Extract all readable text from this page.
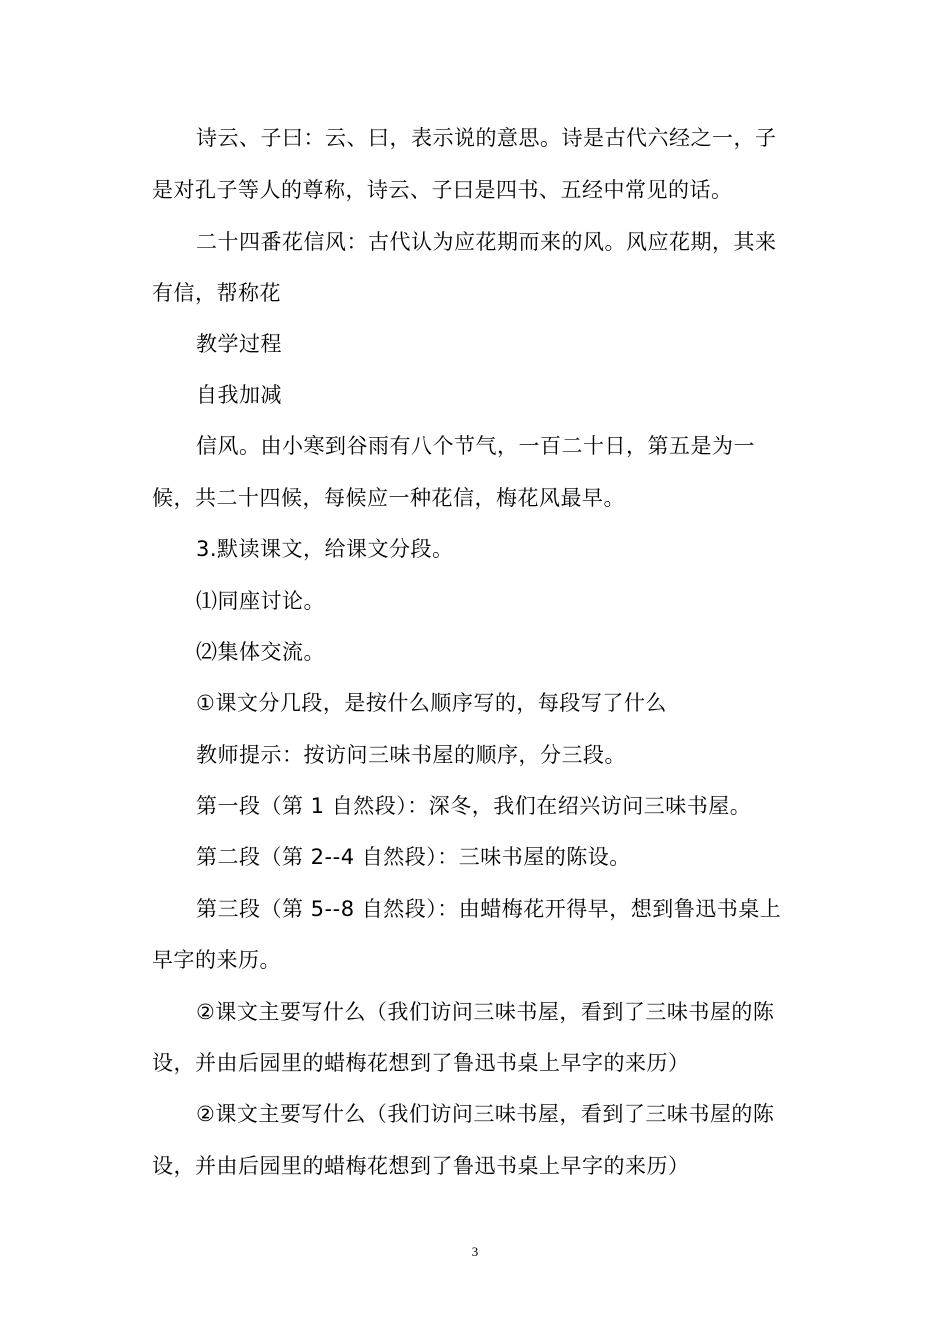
诗云、子曰：云、曰，表示说的意思。诗是古代六经之一，子
是对孔子等人的尊称，诗云、子曰是四书、五经中常见的话。
二十四番花信风：古代认为应花期而来的风。风应花期，其来
有信，帮称花
教学过程
自我加减
信风。由小寒到谷雨有八个节气，一百二十日，第五是为一
候，共二十四候，每候应一种花信，梅花风最早。
3.默读课文，给课文分段。
⑴同座讨论。
⑵集体交流。
①课文分几段，是按什么顺序写的，每段写了什么
教师提示：按访问三味书屋的顺序，分三段。
第一段（第 1 自然段）：深冬，我们在绍兴访问三味书屋。
第二段（第 2--4 自然段）：三味书屋的陈设。
第三段（第 5--8 自然段）：由蜡梅花开得早，想到鲁迅书桌上
早字的来历。
②课文主要写什么（我们访问三味书屋，看到了三味书屋的陈
设，并由后园里的蜡梅花想到了鲁迅书桌上早字的来历）
②课文主要写什么（我们访问三味书屋，看到了三味书屋的陈
设，并由后园里的蜡梅花想到了鲁迅书桌上早字的来历）
3
